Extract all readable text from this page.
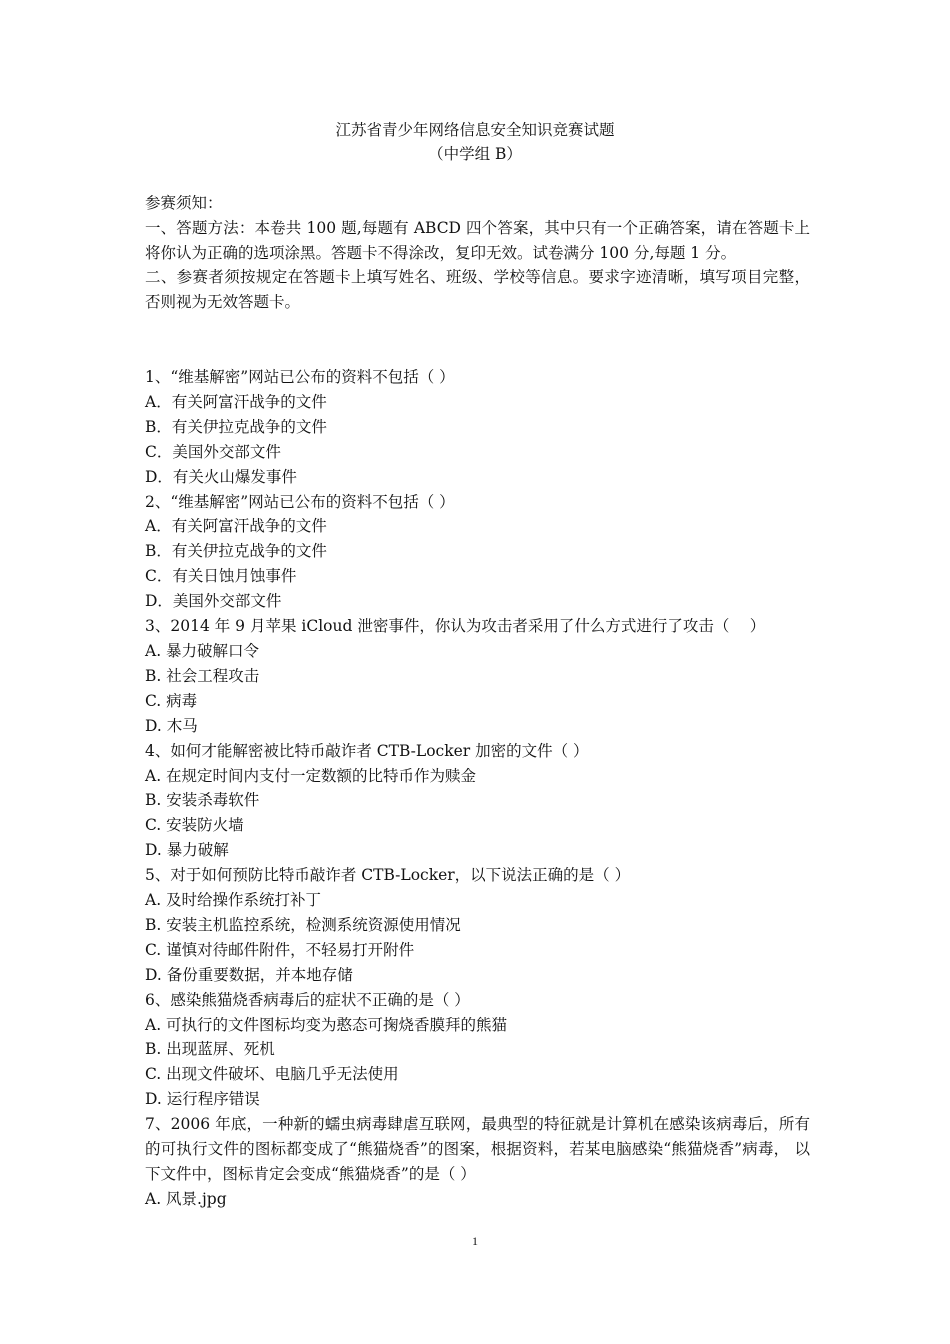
江苏省青少年网络信息安全知识竞赛试题
（中学组 B）

参赛须知：

一、答题方法：本卷共 100 题,每题有 ABCD 四个答案，其中只有一个正确答案，请在答题卡上将你认为正确的选项涂黑。答题卡不得涂改，复印无效。试卷满分 100 分,每题 1 分。

二、参赛者须按规定在答题卡上填写姓名、班级、学校等信息。要求字迹清晰，填写项目完整，否则视为无效答题卡。

1、“维基解密”网站已公布的资料不包括（ ）

A．有关阿富汗战争的文件
B．有关伊拉克战争的文件
C．美国外交部文件
D．有关火山爆发事件

2、“维基解密”网站已公布的资料不包括（ ）

A．有关阿富汗战争的文件
B．有关伊拉克战争的文件
C．有关日蚀月蚀事件
D．美国外交部文件

3、2014 年 9 月苹果 iCloud 泄密事件，你认为攻击者采用了什么方式进行了攻击（　 ）

A. 暴力破解口令
B. 社会工程攻击
C. 病毒
D. 木马

4、如何才能解密被比特币敲诈者 CTB-Locker 加密的文件（ ）

A. 在规定时间内支付一定数额的比特币作为赎金
B. 安装杀毒软件
C. 安装防火墙
D. 暴力破解

5、对于如何预防比特币敲诈者 CTB-Locker，以下说法正确的是（ ）

A. 及时给操作系统打补丁
B. 安装主机监控系统，检测系统资源使用情况
C. 谨慎对待邮件附件，不轻易打开附件
D. 备份重要数据，并本地存储

6、感染熊猫烧香病毒后的症状不正确的是（ ）

A. 可执行的文件图标均变为憨态可掬烧香膜拜的熊猫
B. 出现蓝屏、死机
C. 出现文件破坏、电脑几乎无法使用
D. 运行程序错误

7、2006 年底，一种新的蠕虫病毒肆虐互联网，最典型的特征就是计算机在感染该病毒后，所有的可执行文件的图标都变成了“熊猫烧香”的图案，根据资料，若某电脑感染“熊猫烧香”病毒， 以下文件中，图标肯定会变成“熊猫烧香”的是（ ）

A. 风景.jpg
1
